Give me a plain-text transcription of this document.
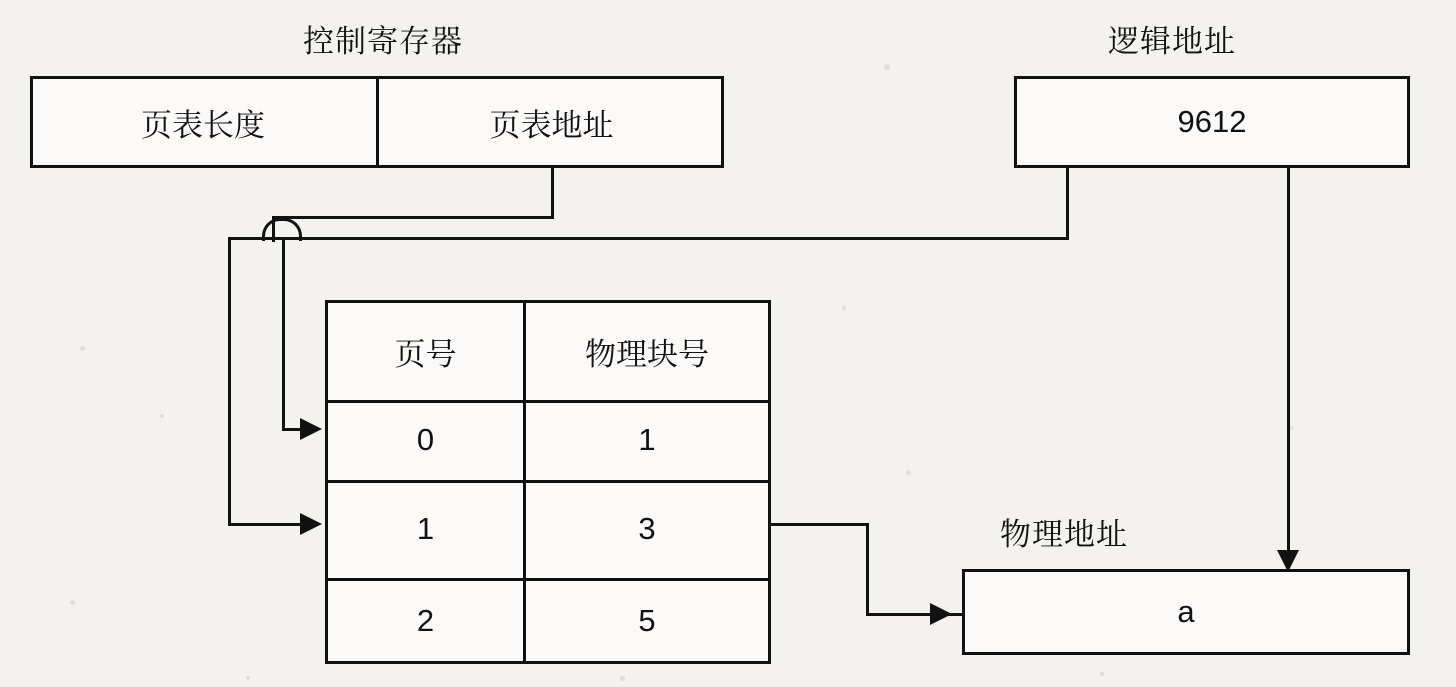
控制寄存器
页表长度	页表地址
逻辑地址
9612
页号	物理块号
0	1
1	3
2	5
物理地址
a
